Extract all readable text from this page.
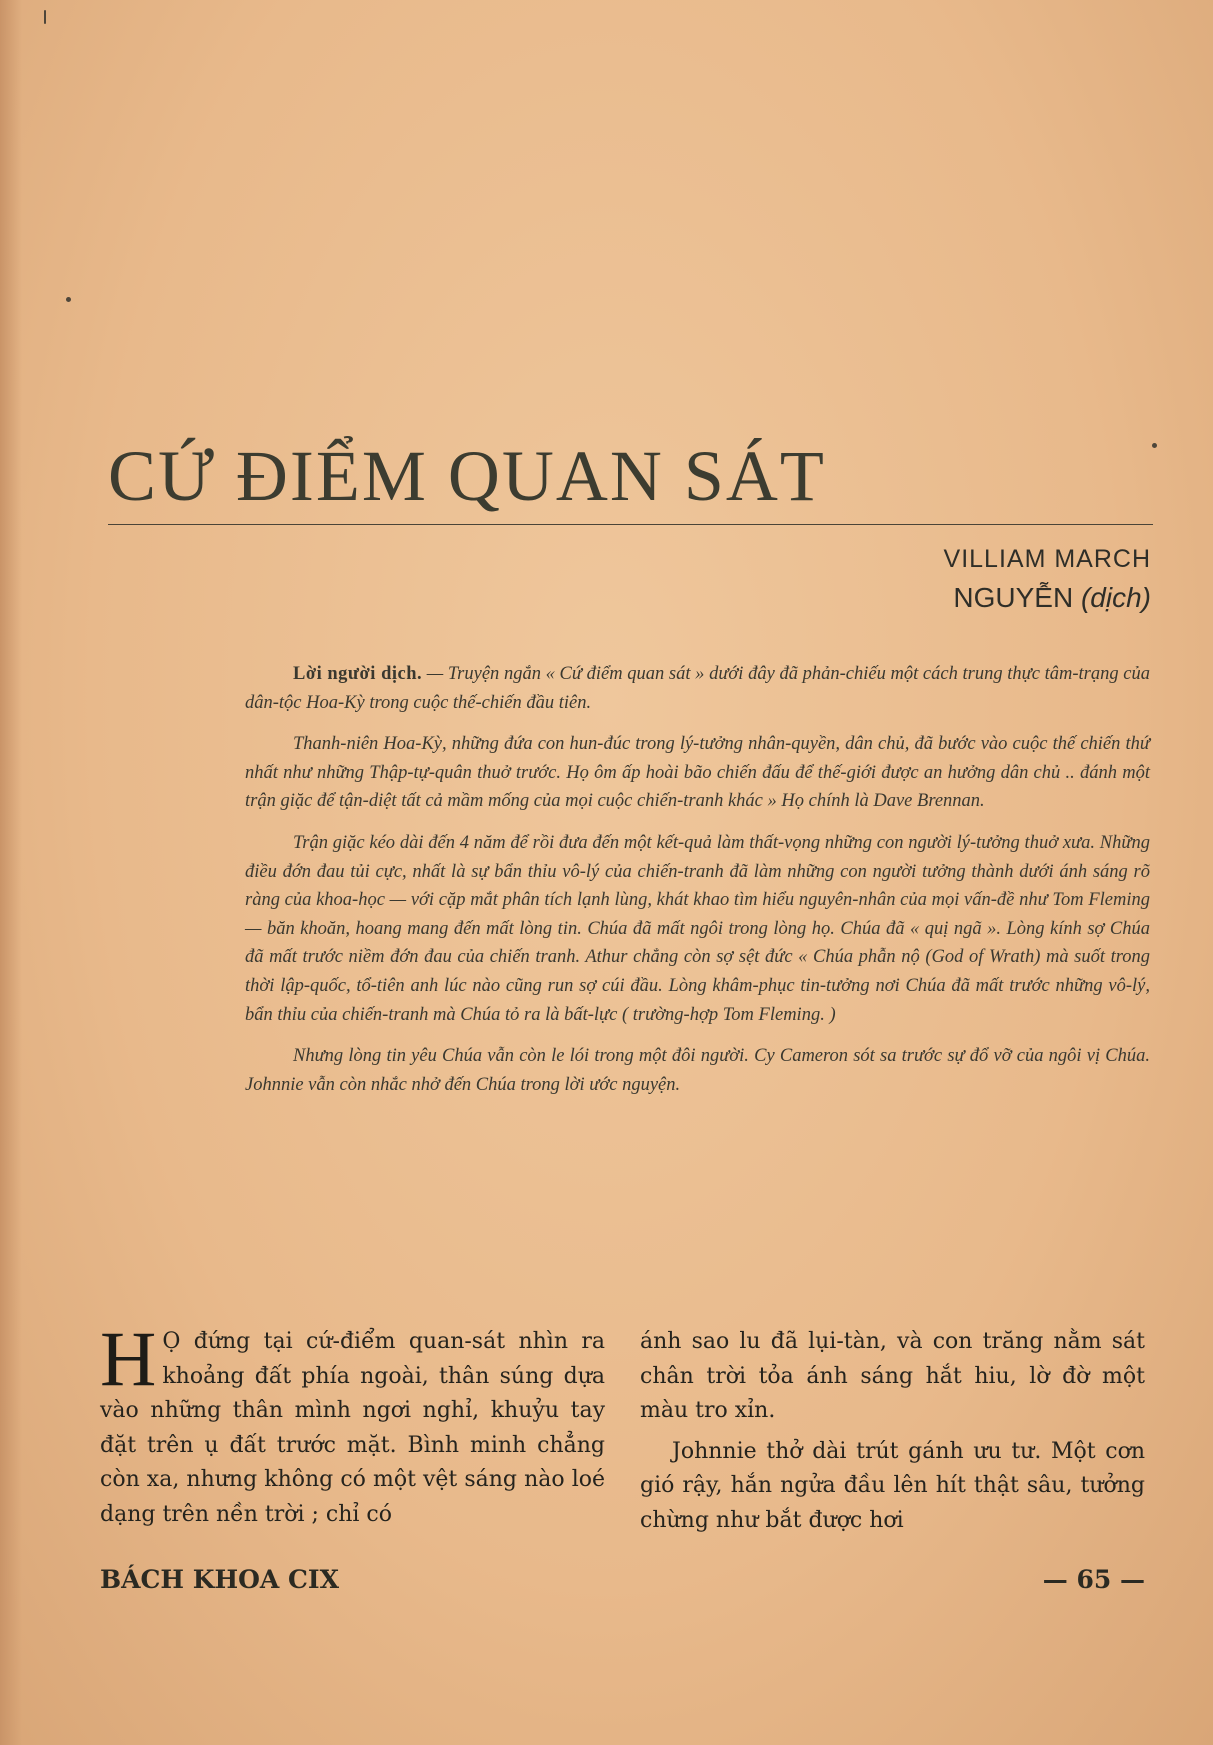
CỨ ĐIỂM QUAN SÁT
VILLIAM MARCH
NGUYỄN (dịch)

Lời người dịch. — Truyện ngắn « Cứ điểm quan sát » dưới đây đã phản-chiếu một cách trung thực tâm-trạng của dân-tộc Hoa-Kỳ trong cuộc thế-chiến đầu tiên.

Thanh-niên Hoa-Kỳ, những đứa con hun-đúc trong lý-tưởng nhân-quyền, dân chủ, đã bước vào cuộc thế chiến thứ nhất như những Thập-tự-quân thuở trước. Họ ôm ấp hoài bão chiến đấu để thế-giới được an hưởng dân chủ .. đánh một trận giặc để tận-diệt tất cả mầm mống của mọi cuộc chiến-tranh khác » Họ chính là Dave Brennan.

Trận giặc kéo dài đến 4 năm để rồi đưa đến một kết-quả làm thất-vọng những con người lý-tưởng thuở xưa. Những điều đớn đau tủi cực, nhất là sự bẩn thỉu vô-lý của chiến-tranh đã làm những con người tưởng thành dưới ánh sáng rõ ràng của khoa-học — với cặp mắt phân tích lạnh lùng, khát khao tìm hiểu nguyên-nhân của mọi vấn-đề như Tom Fleming — băn khoăn, hoang mang đến mất lòng tin. Chúa đã mất ngôi trong lòng họ. Chúa đã « quị ngã ». Lòng kính sợ Chúa đã mất trước niềm đớn đau của chiến tranh. Athur chẳng còn sợ sệt đức « Chúa phẫn nộ (God of Wrath) mà suốt trong thời lập-quốc, tổ-tiên anh lúc nào cũng run sợ cúi đầu. Lòng khâm-phục tin-tưởng nơi Chúa đã mất trước những vô-lý, bẩn thỉu của chiến-tranh mà Chúa tỏ ra là bất-lực ( trường-hợp Tom Fleming. )

Nhưng lòng tin yêu Chúa vẫn còn le lói trong một đôi người. Cy Cameron sót sa trước sự đổ vỡ của ngôi vị Chúa. Johnnie vẫn còn nhắc nhở đến Chúa trong lời ước nguyện.

H Ọ đứng tại cứ-điểm quan-sát nhìn ra khoảng đất phía ngoài, thân súng dựa vào những thân mình ngơi nghỉ, khuỷu tay đặt trên ụ đất trước mặt. Bình minh chẳng còn xa, nhưng không có một vệt sáng nào loé dạng trên nền trời ; chỉ có

ánh sao lu đã lụi-tàn, và con trăng nằm sát chân trời tỏa ánh sáng hắt hiu, lờ đờ một màu tro xỉn.

Johnnie thở dài trút gánh ưu tư. Một cơn gió rậy, hắn ngửa đầu lên hít thật sâu, tưởng chừng như bắt được hơi

BÁCH KHOA CIX	— 65 —
